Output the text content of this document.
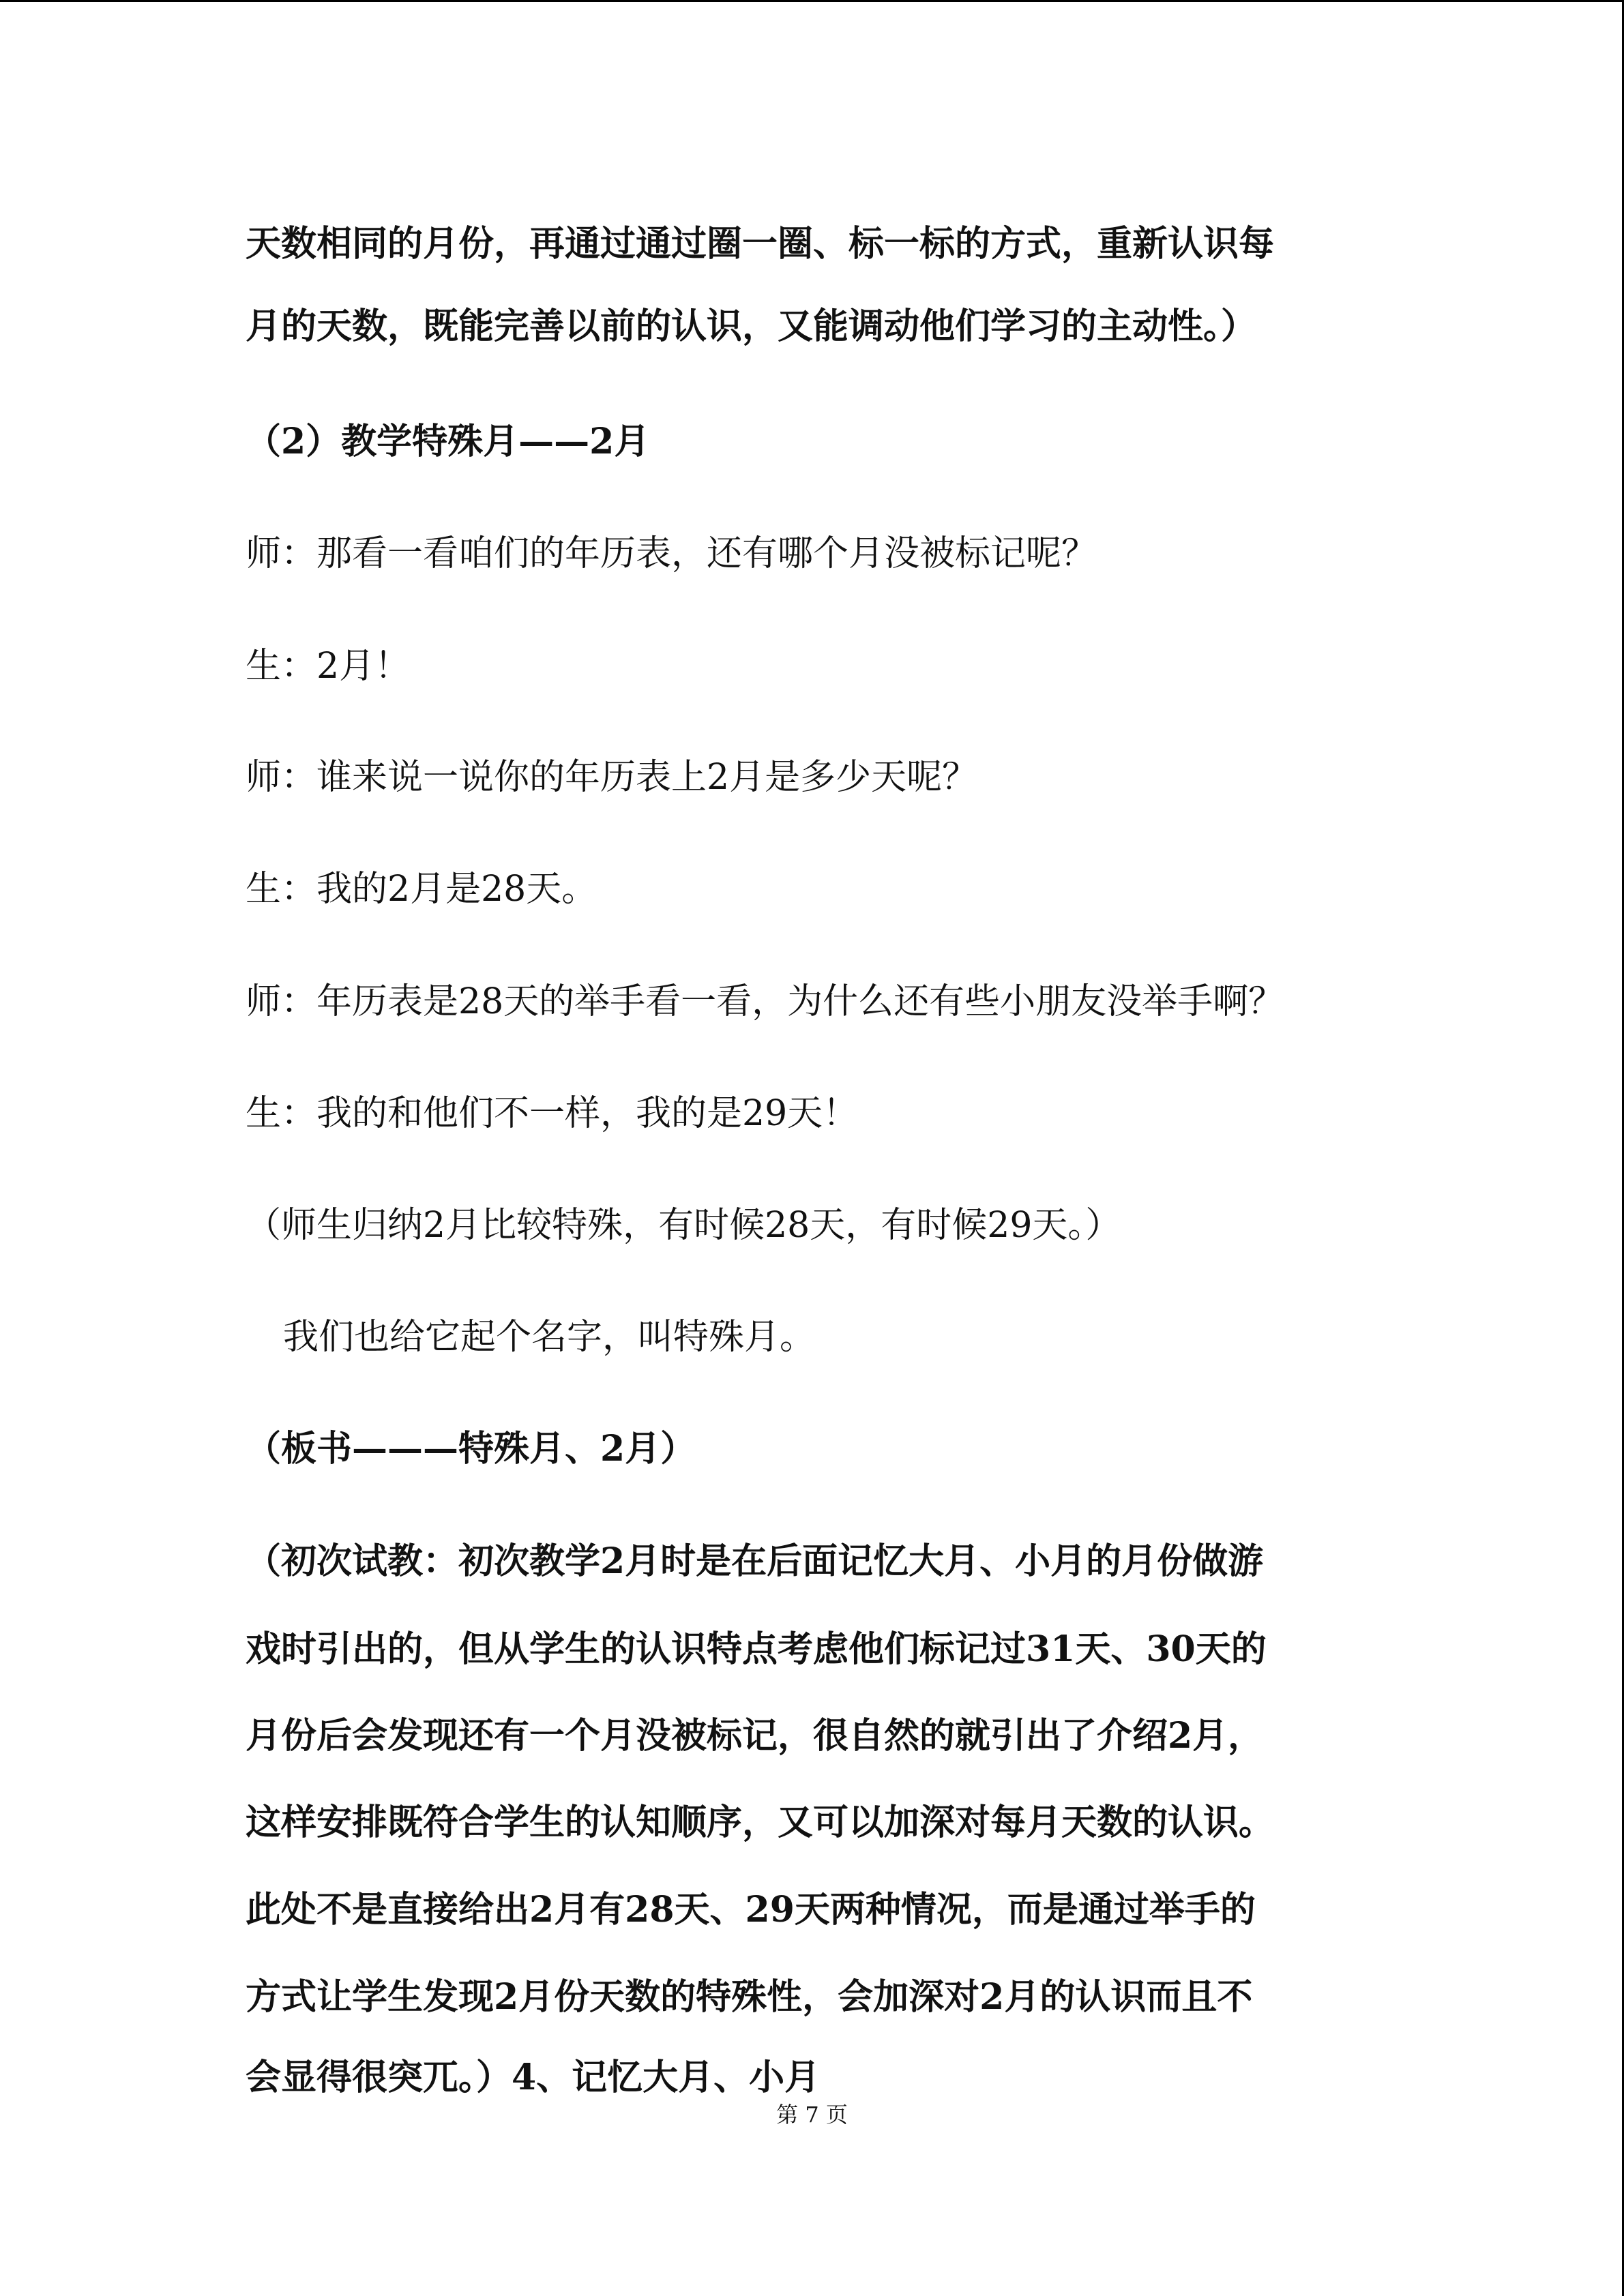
天数相同的月份，再通过通过圈一圈、标一标的方式，重新认识每
月的天数，既能完善以前的认识，又能调动他们学习的主动性。）
（2）教学特殊月——2月
师：那看一看咱们的年历表，还有哪个月没被标记呢？
生：2月！
师：谁来说一说你的年历表上2月是多少天呢？
生：我的2月是28天。
师：年历表是28天的举手看一看，为什么还有些小朋友没举手啊？
生：我的和他们不一样，我的是29天！
（师生归纳2月比较特殊，有时候28天，有时候29天。）
我们也给它起个名字，叫特殊月。
（板书———特殊月、2月）
（初次试教：初次教学2月时是在后面记忆大月、小月的月份做游
戏时引出的，但从学生的认识特点考虑他们标记过31天、30天的
月份后会发现还有一个月没被标记，很自然的就引出了介绍2月，
这样安排既符合学生的认知顺序，又可以加深对每月天数的认识。
此处不是直接给出2月有28天、29天两种情况，而是通过举手的
方式让学生发现2月份天数的特殊性，会加深对2月的认识而且不
会显得很突兀。）4、记忆大月、小月
第 7 页
